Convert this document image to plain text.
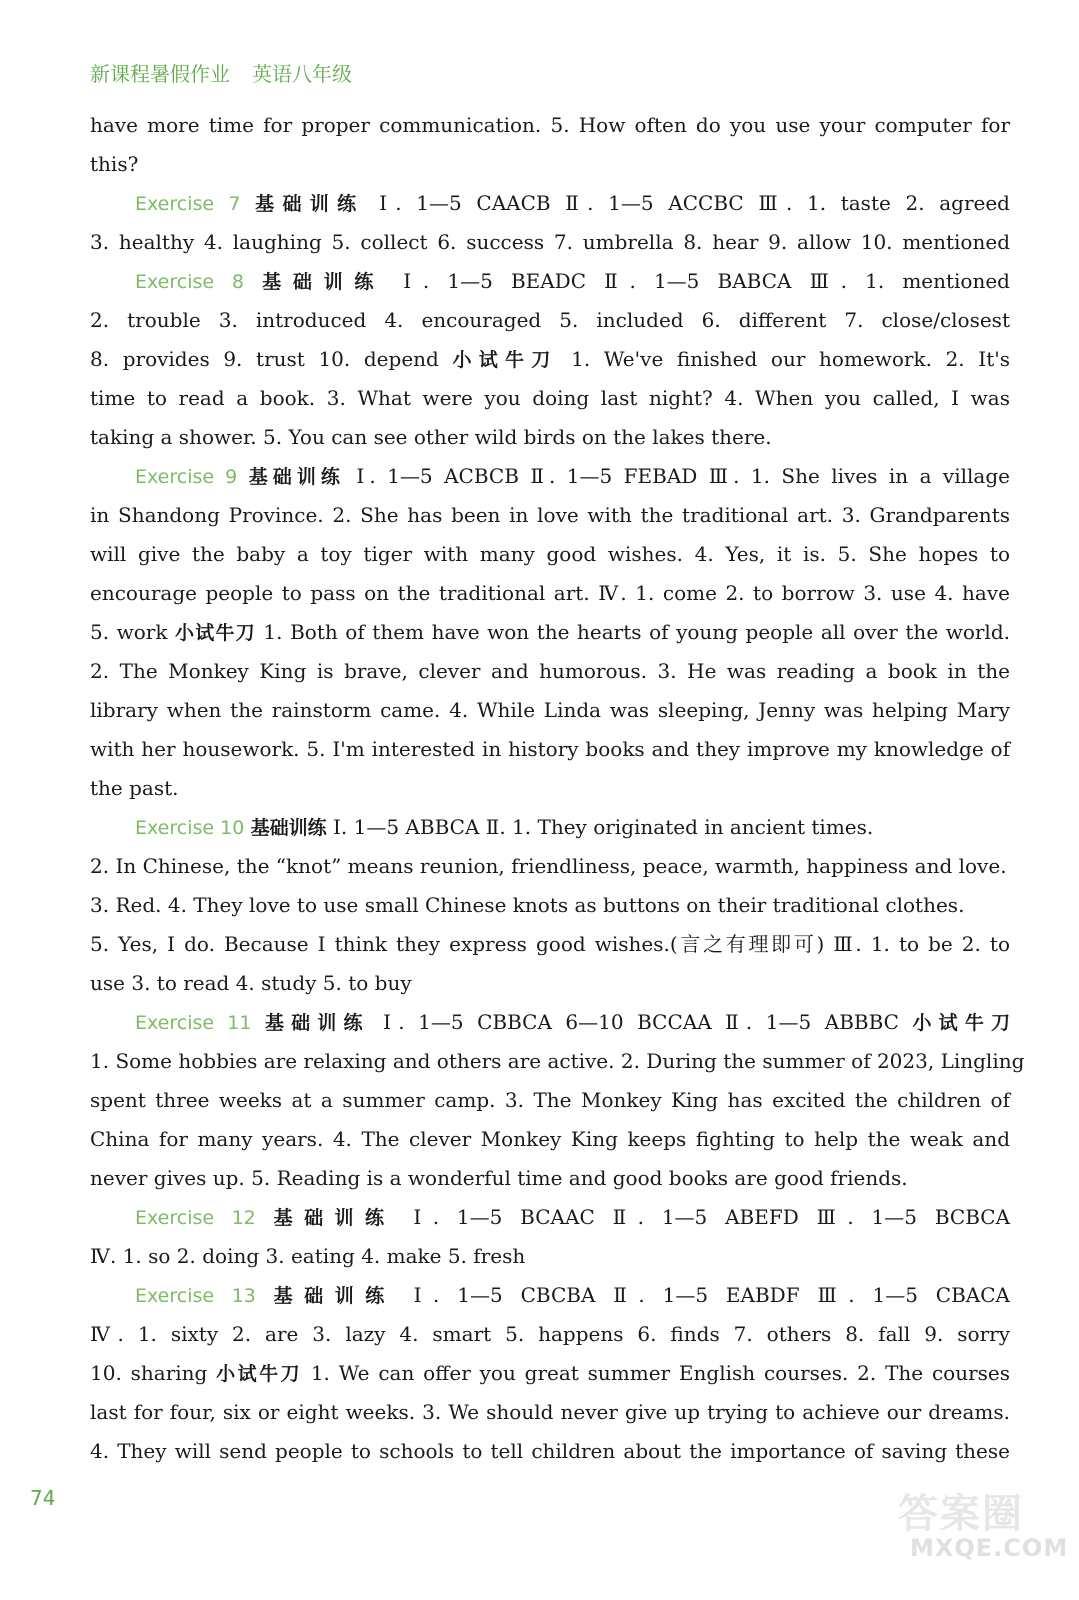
新课程暑假作业 英语八年级
have more time for proper communication. 5. How often do you use your computer for
this?
Exercise 7 基础训练 Ⅰ. 1—5 CAACB Ⅱ. 1—5 ACCBC Ⅲ. 1. taste 2. agreed
3. healthy 4. laughing 5. collect 6. success 7. umbrella 8. hear 9. allow 10. mentioned
Exercise 8 基础训练 Ⅰ. 1—5 BEADC Ⅱ. 1—5 BABCA Ⅲ. 1. mentioned
2. trouble 3. introduced 4. encouraged 5. included 6. different 7. close/closest
8. provides 9. trust 10. depend 小试牛刀 1. We've finished our homework. 2. It's
time to read a book. 3. What were you doing last night? 4. When you called, I was
taking a shower. 5. You can see other wild birds on the lakes there.
Exercise 9 基础训练 Ⅰ. 1—5 ACBCB Ⅱ. 1—5 FEBAD Ⅲ. 1. She lives in a village
in Shandong Province. 2. She has been in love with the traditional art. 3. Grandparents
will give the baby a toy tiger with many good wishes. 4. Yes, it is. 5. She hopes to
encourage people to pass on the traditional art. Ⅳ. 1. come 2. to borrow 3. use 4. have
5. work 小试牛刀 1. Both of them have won the hearts of young people all over the world.
2. The Monkey King is brave, clever and humorous. 3. He was reading a book in the
library when the rainstorm came. 4. While Linda was sleeping, Jenny was helping Mary
with her housework. 5. I'm interested in history books and they improve my knowledge of
the past.
Exercise 10 基础训练 Ⅰ. 1—5 ABBCA Ⅱ. 1. They originated in ancient times.
2. In Chinese, the “knot” means reunion, friendliness, peace, warmth, happiness and love.
3. Red. 4. They love to use small Chinese knots as buttons on their traditional clothes.
5. Yes, I do. Because I think they express good wishes.(言之有理即可) Ⅲ. 1. to be 2. to
use 3. to read 4. study 5. to buy
Exercise 11 基础训练 Ⅰ. 1—5 CBBCA 6—10 BCCAA Ⅱ. 1—5 ABBBC 小试牛刀
1. Some hobbies are relaxing and others are active. 2. During the summer of 2023, Lingling
spent three weeks at a summer camp. 3. The Monkey King has excited the children of
China for many years. 4. The clever Monkey King keeps fighting to help the weak and
never gives up. 5. Reading is a wonderful time and good books are good friends.
Exercise 12 基础训练 Ⅰ. 1—5 BCAAC Ⅱ. 1—5 ABEFD Ⅲ. 1—5 BCBCA
Ⅳ. 1. so 2. doing 3. eating 4. make 5. fresh
Exercise 13 基础训练 Ⅰ. 1—5 CBCBA Ⅱ. 1—5 EABDF Ⅲ. 1—5 CBACA
Ⅳ. 1. sixty 2. are 3. lazy 4. smart 5. happens 6. finds 7. others 8. fall 9. sorry
10. sharing 小试牛刀 1. We can offer you great summer English courses. 2. The courses
last for four, six or eight weeks. 3. We should never give up trying to achieve our dreams.
4. They will send people to schools to tell children about the importance of saving these
74	答案圈
MXQE.COM
